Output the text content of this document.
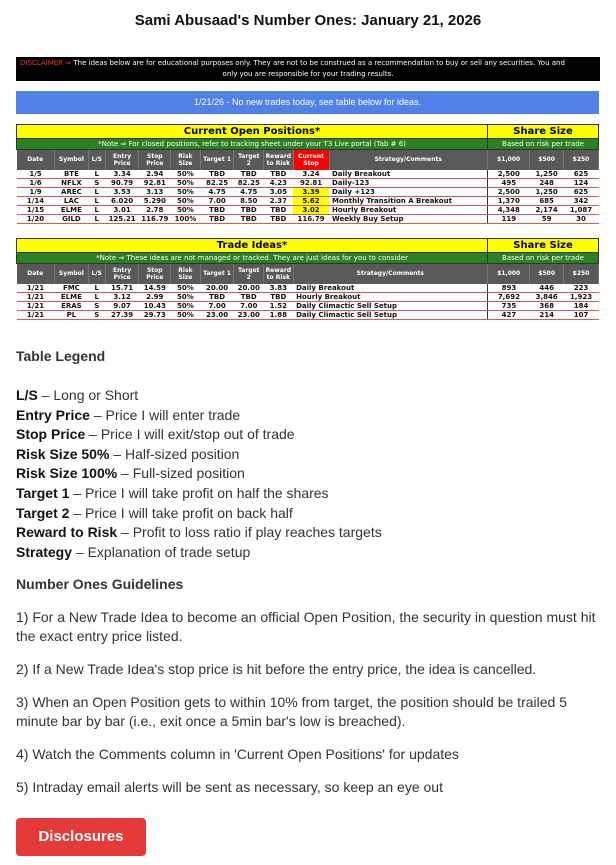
Sami Abusaad's Number Ones: January 21, 2026
DISCLAIMER ⇒ The ideas below are for educational purposes only. They are not to be construed as a recommendation to buy or sell any securities. You and
only you are responsible for your trading results.
1/21/26 - No new trades today, see table below for ideas.
Current Open Positions*											Share Size		
*Note ⇒ For closed positions, refer to tracking sheet under your T3 Live portal (Tab # 6)											Based on risk per trade		
Date	Symbol	L/S	Entry Price	Stop Price	Risk Size	Target 1	Target 2	Reward to Risk	Current Stop	Strategy/Comments	$1,000	$500	$250
1/5	BTE	L	3.34	2.94	50%	TBD	TBD	TBD	3.24	Daily Breakout	2,500	1,250	625
1/6	NFLX	S	90.79	92.81	50%	82.25	82.25	4.23	92.81	Daily-123	495	248	124
1/9	AREC	L	3.53	3.13	50%	4.75	4.75	3.05	3.39	Daily +123	2,500	1,250	625
1/14	LAC	L	6.020	5.290	50%	7.00	8.50	2.37	5.62	Monthly Transition A Breakout	1,370	685	342
1/15	ELME	L	3.01	2.78	50%	TBD	TBD	TBD	3.02	Hourly Breakout	4,348	2,174	1,087
1/20	GILD	L	125.21	116.79	100%	TBD	TBD	TBD	116.79	Weekly Buy Setup	119	59	30
Trade Ideas*										Share Size		
*Note ⇒ These ideas are not managed or tracked. They are just ideas for you to consider										Based on risk per trade		
Date	Symbol	L/S	Entry Price	Stop Price	Risk Size	Target 1	Target 2	Reward to Risk	Strategy/Comments	$1,000	$500	$250
1/21	FMC	L	15.71	14.59	50%	20.00	20.00	3.83	Daily Breakout	893	446	223
1/21	ELME	L	3.12	2.99	50%	TBD	TBD	TBD	Hourly Breakout	7,692	3,846	1,923
1/21	ERAS	S	9.07	10.43	50%	7.00	7.00	1.52	Daily Climactic Sell Setup	735	368	184
1/21	PL	S	27.39	29.73	50%	23.00	23.00	1.88	Daily Climactic Sell Setup	427	214	107
Table Legend
L/S – Long or Short
Entry Price – Price I will enter trade
Stop Price – Price I will exit/stop out of trade
Risk Size 50% – Half-sized position
Risk Size 100% – Full-sized position
Target 1 – Price I will take profit on half the shares
Target 2 – Price I will take profit on back half
Reward to Risk – Profit to loss ratio if play reaches targets
Strategy – Explanation of trade setup
Number Ones Guidelines

1) For a New Trade Idea to become an official Open Position, the security in question must hit the exact entry price listed.

2) If a New Trade Idea's stop price is hit before the entry price, the idea is cancelled.

3) When an Open Position gets to within 10% from target, the position should be trailed 5 minute bar by bar (i.e., exit once a 5min bar's low is breached).

4) Watch the Comments column in 'Current Open Positions' for updates

5) Intraday email alerts will be sent as necessary, so keep an eye out

Disclosures
